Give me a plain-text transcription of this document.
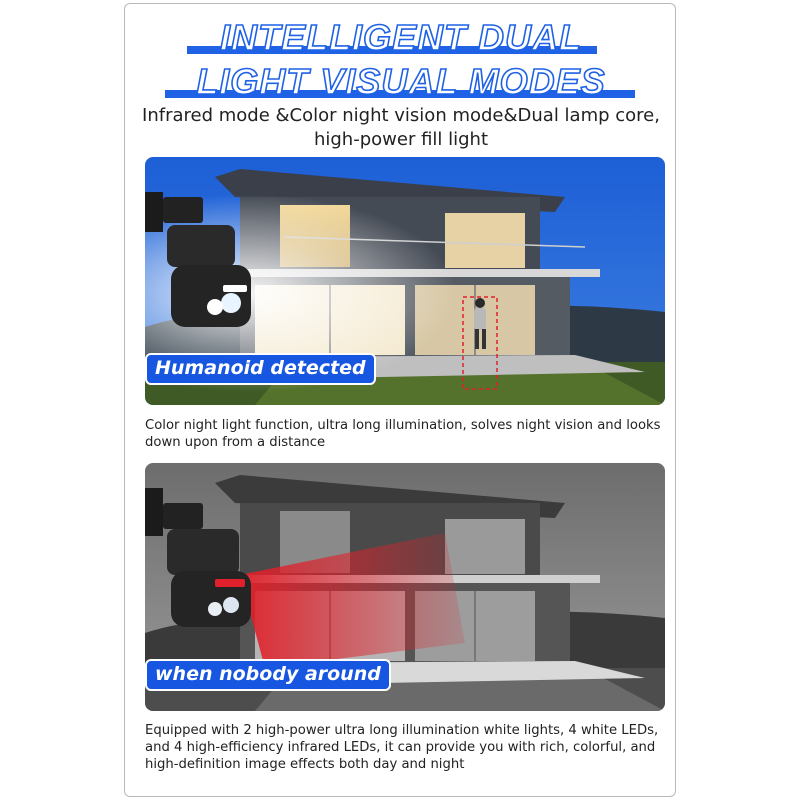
INTELLIGENT DUAL
LIGHT VISUAL MODES
Infrared mode &Color night vision mode&Dual lamp core,
high-power fill light
Humanoid detected
Color night light function, ultra long illumination, solves night vision and looks down upon from a distance
when nobody around
Equipped with 2 high-power ultra long illumination white lights, 4 white LEDs, and 4 high-efficiency infrared LEDs, it can provide you with rich, colorful, and high-definition image effects both day and night
